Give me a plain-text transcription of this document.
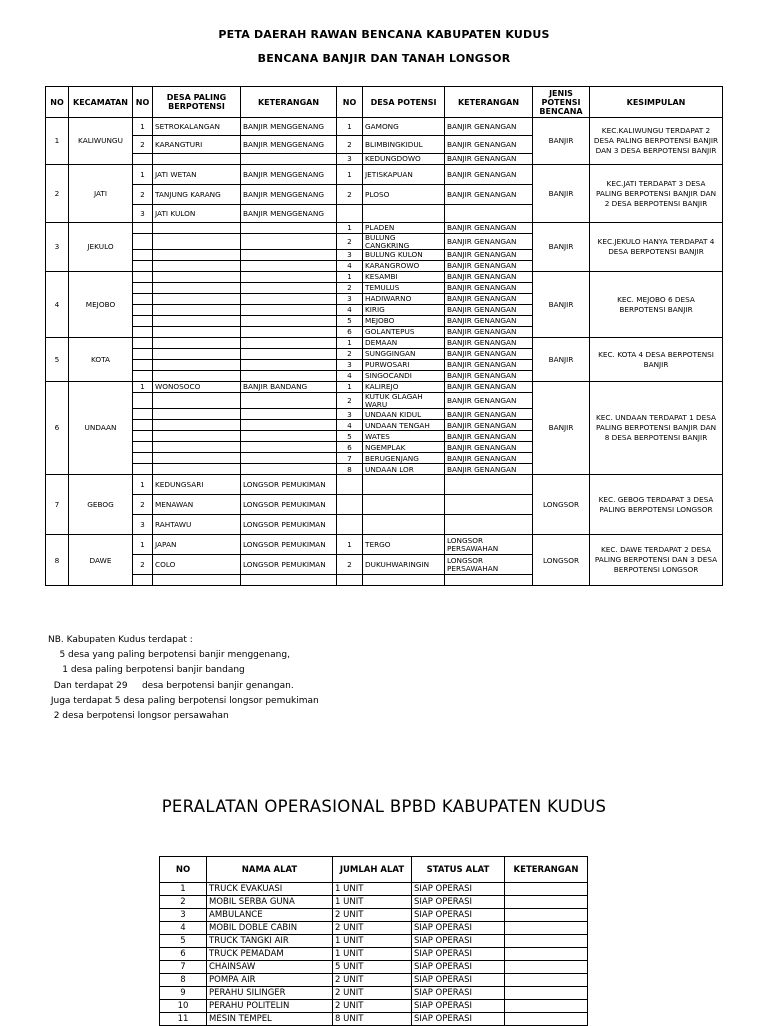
PETA DAERAH RAWAN BENCANA KABUPATEN KUDUS
BENCANA BANJIR DAN TANAH LONGSOR
NO	KECAMATAN	NO	DESA PALING BERPOTENSI	KETERANGAN	NO	DESA POTENSI	KETERANGAN	JENIS POTENSI BENCANA	KESIMPULAN
1	KALIWUNGU	1	SETROKALANGAN	BANJIR MENGGENANG	1	GAMONG	BANJIR GENANGAN	BANJIR	KEC.KALIWUNGU TERDAPAT 2 DESA PALING BERPOTENSI BANJIR DAN 3 DESA BERPOTENSI BANJIR
		2	KARANGTURI	BANJIR MENGGENANG	2	BLIMBINGKIDUL	BANJIR GENANGAN		
					3	KEDUNGDOWO	BANJIR GENANGAN		
2	JATI	1	JATI WETAN	BANJIR MENGGENANG	1	JETISKAPUAN	BANJIR GENANGAN	BANJIR	KEC.JATI TERDAPAT 3 DESA PALING BERPOTENSI BANJIR DAN 2 DESA BERPOTENSI BANJIR
		2	TANJUNG KARANG	BANJIR MENGGENANG	2	PLOSO	BANJIR GENANGAN		
		3	JATI KULON	BANJIR MENGGENANG					
3	JEKULO				1	PLADEN	BANJIR GENANGAN	BANJIR	KEC.JEKULO HANYA TERDAPAT 4 DESA BERPOTENSI BANJIR
					2	BULUNG CANGKRING	BANJIR GENANGAN		
					3	BULUNG KULON	BANJIR GENANGAN		
					4	KARANGROWO	BANJIR GENANGAN		
4	MEJOBO				1	KESAMBI	BANJIR GENANGAN	BANJIR	KEC. MEJOBO 6 DESA BERPOTENSI BANJIR
					2	TEMULUS	BANJIR GENANGAN		
					3	HADIWARNO	BANJIR GENANGAN		
					4	KIRIG	BANJIR GENANGAN		
					5	MEJOBO	BANJIR GENANGAN		
					6	GOLANTEPUS	BANJIR GENANGAN		
5	KOTA				1	DEMAAN	BANJIR GENANGAN	BANJIR	KEC. KOTA 4 DESA BERPOTENSI BANJIR
					2	SUNGGINGAN	BANJIR GENANGAN		
					3	PURWOSARI	BANJIR GENANGAN		
					4	SINGOCANDI	BANJIR GENANGAN		
6	UNDAAN	1	WONOSOCO	BANJIR BANDANG	1	KALIREJO	BANJIR GENANGAN	BANJIR	KEC. UNDAAN TERDAPAT 1 DESA PALING BERPOTENSI BANJIR DAN 8 DESA BERPOTENSI BANJIR
					2	KUTUK GLAGAH WARU	BANJIR GENANGAN		
					3	UNDAAN KIDUL	BANJIR GENANGAN		
					4	UNDAAN TENGAH	BANJIR GENANGAN		
					5	WATES	BANJIR GENANGAN		
					6	NGEMPLAK	BANJIR GENANGAN		
					7	BERUGENJANG	BANJIR GENANGAN		
					8	UNDAAN LOR	BANJIR GENANGAN		
7	GEBOG	1	KEDUNGSARI	LONGSOR PEMUKIMAN				LONGSOR	KEC. GEBOG TERDAPAT 3 DESA PALING BERPOTENSI LONGSOR
		2	MENAWAN	LONGSOR PEMUKIMAN					
		3	RAHTAWU	LONGSOR PEMUKIMAN					
8	DAWE	1	JAPAN	LONGSOR PEMUKIMAN	1	TERGO	LONGSOR PERSAWAHAN	LONGSOR	KEC. DAWE TERDAPAT 2 DESA PALING BERPOTENSI DAN 3 DESA BERPOTENSI LONGSOR
		2	COLO	LONGSOR PEMUKIMAN	2	DUKUHWARINGIN	LONGSOR PERSAWAHAN		

NB. Kabupaten Kudus terdapat :
5 desa yang paling berpotensi banjir menggenang,
1 desa paling berpotensi banjir bandang
Dan terdapat 29     desa berpotensi banjir genangan.
Juga terdapat 5 desa paling berpotensi longsor pemukiman
2 desa berpotensi longsor persawahan
PERALATAN OPERASIONAL BPBD KABUPATEN KUDUS
NO	NAMA ALAT	JUMLAH ALAT	STATUS ALAT	KETERANGAN
1	TRUCK EVAKUASI	1 UNIT	SIAP OPERASI	
2	MOBIL SERBA GUNA	1 UNIT	SIAP OPERASI	
3	AMBULANCE	2 UNIT	SIAP OPERASI	
4	MOBIL DOBLE CABIN	2 UNIT	SIAP OPERASI	
5	TRUCK TANGKI AIR	1 UNIT	SIAP OPERASI	
6	TRUCK PEMADAM	1 UNIT	SIAP OPERASI	
7	CHAINSAW	5 UNIT	SIAP OPERASI	
8	POMPA AIR	2 UNIT	SIAP OPERASI	
9	PERAHU SILINGER	2 UNIT	SIAP OPERASI	
10	PERAHU POLITELIN	2 UNIT	SIAP OPERASI	
11	MESIN TEMPEL	8 UNIT	SIAP OPERASI	
